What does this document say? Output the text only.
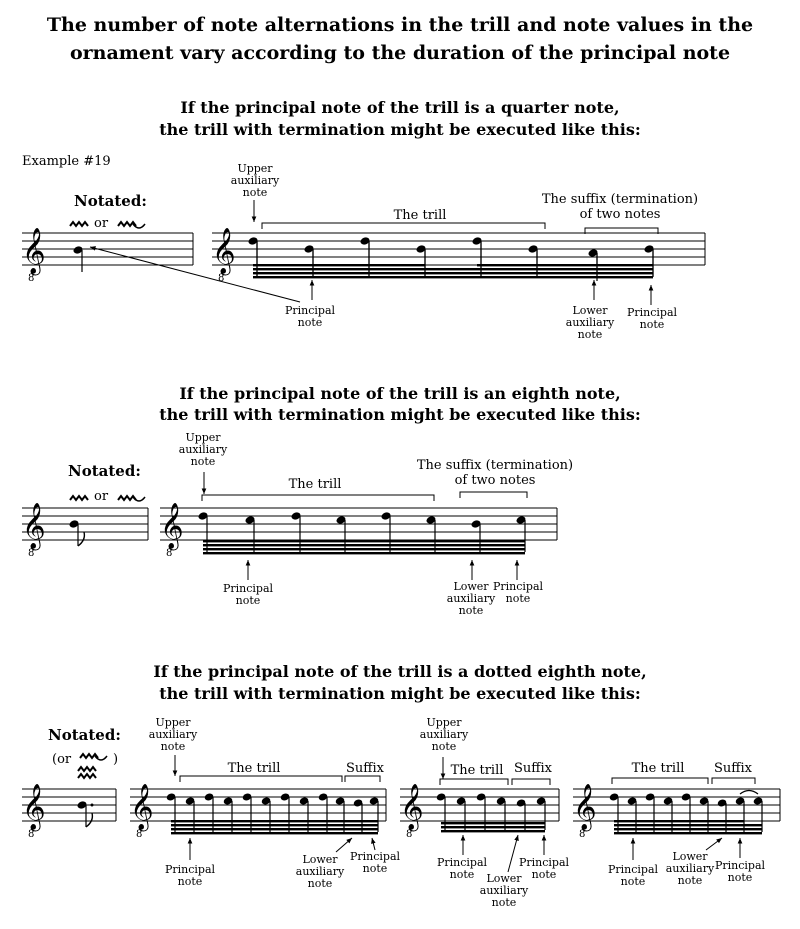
The number of note alternations in the trill and note values in the
ornament vary according to the duration of the principal note
If the principal note of the trill is a quarter note,
the trill with termination might be executed like this:
Example #19
Notated:
or
Upper
auxiliary
note
The trill
The suffix (termination)
of two notes
Principal
note
Lower
auxiliary
note
Principal
note
If the principal note of the trill is an eighth note,
the trill with termination might be executed like this:
Notated:
or
Upper
auxiliary
note
The trill
The suffix (termination)
of two notes
Principal
note
Lower
auxiliary
note
Principal
note
If the principal note of the trill is a dotted eighth note,
the trill with termination might be executed like this:
Notated:
(or	)
Upper
auxiliary
note
The trill	Suffix
Principal
note
Lower
auxiliary
note
Principal
note
Upper
auxiliary
note
The trill Suffix
Principal
note	Lower
auxiliary
note
Principal
note
The trill	Suffix
Principal
note
Lower
auxiliary
note
Principal
note
𝄞
8
𝄞
8
𝄞
8
𝄞
8
𝄞
8
𝄞
8
𝄞
8
𝄞
8
